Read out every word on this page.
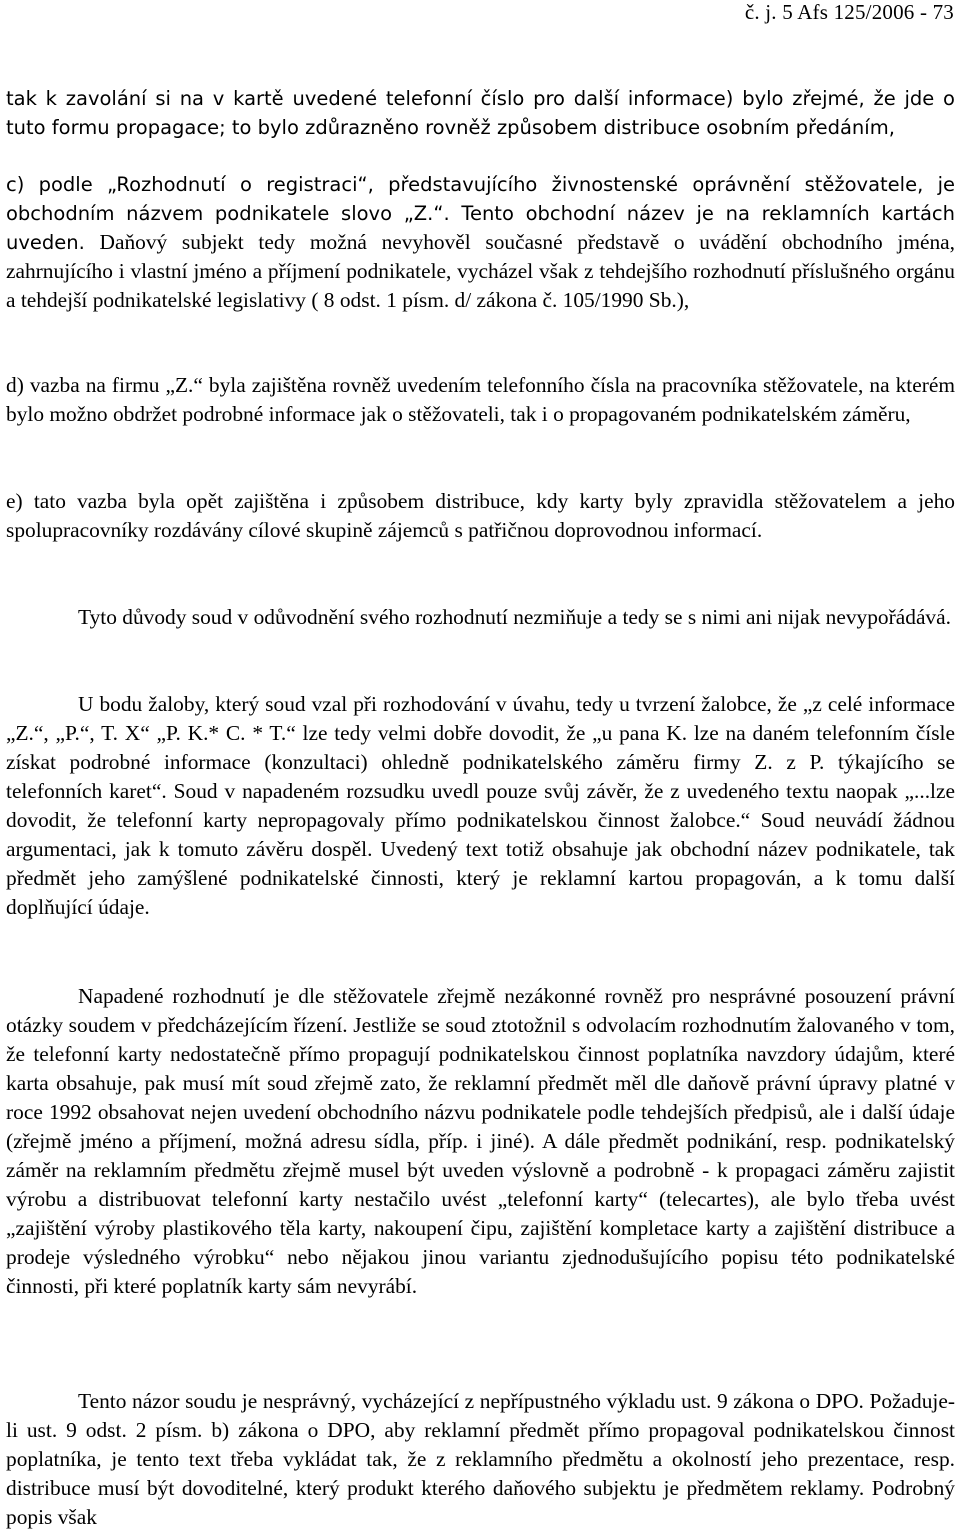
č. j. 5 Afs 125/2006 - 73

tak k zavolání si na v kartě uvedené telefonní číslo pro další informace) bylo zřejmé, že jde o tuto formu propagace; to bylo zdůrazněno rovněž způsobem distribuce osobním předáním,

c) podle „Rozhodnutí o registraci“, představujícího živnostenské oprávnění stěžovatele, je obchodním názvem podnikatele slovo „Z.“. Tento obchodní název je na reklamních kartách uveden. Daňový subjekt tedy možná nevyhověl současné představě o uvádění obchodního jména, zahrnujícího i vlastní jméno a příjmení podnikatele, vycházel však z tehdejšího rozhodnutí příslušného orgánu a tehdejší podnikatelské legislativy ( 8 odst. 1 písm. d/ zákona č. 105/1990 Sb.),

d) vazba na firmu „Z.“ byla zajištěna rovněž uvedením telefonního čísla na pracovníka stěžovatele, na kterém bylo možno obdržet podrobné informace jak o stěžovateli, tak i o propagovaném podnikatelském záměru,

e) tato vazba byla opět zajištěna i způsobem distribuce, kdy karty byly zpravidla stěžovatelem a jeho spolupracovníky rozdávány cílové skupině zájemců s patřičnou doprovodnou informací.

Tyto důvody soud v odůvodnění svého rozhodnutí nezmiňuje a tedy se s nimi ani nijak nevypořádává.

U bodu žaloby, který soud vzal při rozhodování v úvahu, tedy u tvrzení žalobce, že „z celé informace „Z.“, „P.“, T. X“ „P. K.* C. * T.“ lze tedy velmi dobře dovodit, že „u pana K. lze na daném telefonním čísle získat podrobné informace (konzultaci) ohledně podnikatelského záměru firmy Z. z P. týkajícího se telefonních karet“. Soud v napadeném rozsudku uvedl pouze svůj závěr, že z uvedeného textu naopak „...lze dovodit, že telefonní karty nepropagovaly přímo podnikatelskou činnost žalobce.“ Soud neuvádí žádnou argumentaci, jak k tomuto závěru dospěl. Uvedený text totiž obsahuje jak obchodní název podnikatele, tak předmět jeho zamýšlené podnikatelské činnosti, který je reklamní kartou propagován, a k tomu další doplňující údaje.

Napadené rozhodnutí je dle stěžovatele zřejmě nezákonné rovněž pro nesprávné posouzení právní otázky soudem v předcházejícím řízení. Jestliže se soud ztotožnil s odvolacím rozhodnutím žalovaného v tom, že telefonní karty nedostatečně přímo propagují podnikatelskou činnost poplatníka navzdory údajům, které karta obsahuje, pak musí mít soud zřejmě zato, že reklamní předmět měl dle daňově právní úpravy platné v roce 1992 obsahovat nejen uvedení obchodního názvu podnikatele podle tehdejších předpisů, ale i další údaje (zřejmě jméno a příjmení, možná adresu sídla, příp. i jiné). A dále předmět podnikání, resp. podnikatelský záměr na reklamním předmětu zřejmě musel být uveden výslovně a podrobně - k propagaci záměru zajistit výrobu a distribuovat telefonní karty nestačilo uvést „telefonní karty“ (telecartes), ale bylo třeba uvést „zajištění výroby plastikového těla karty, nakoupení čipu, zajištění kompletace karty a zajištění distribuce a prodeje výsledného výrobku“ nebo nějakou jinou variantu zjednodušujícího popisu této podnikatelské činnosti, při které poplatník karty sám nevyrábí.

Tento názor soudu je nesprávný, vycházející z nepřípustného výkladu ust. 9 zákona o DPO. Požaduje-li ust. 9 odst. 2 písm. b) zákona o DPO, aby reklamní předmět přímo propagoval podnikatelskou činnost poplatníka, je tento text třeba vykládat tak, že z reklamního předmětu a okolností jeho prezentace, resp. distribuce musí být dovoditelné, který produkt kterého daňového subjektu je předmětem reklamy. Podrobný popis však
